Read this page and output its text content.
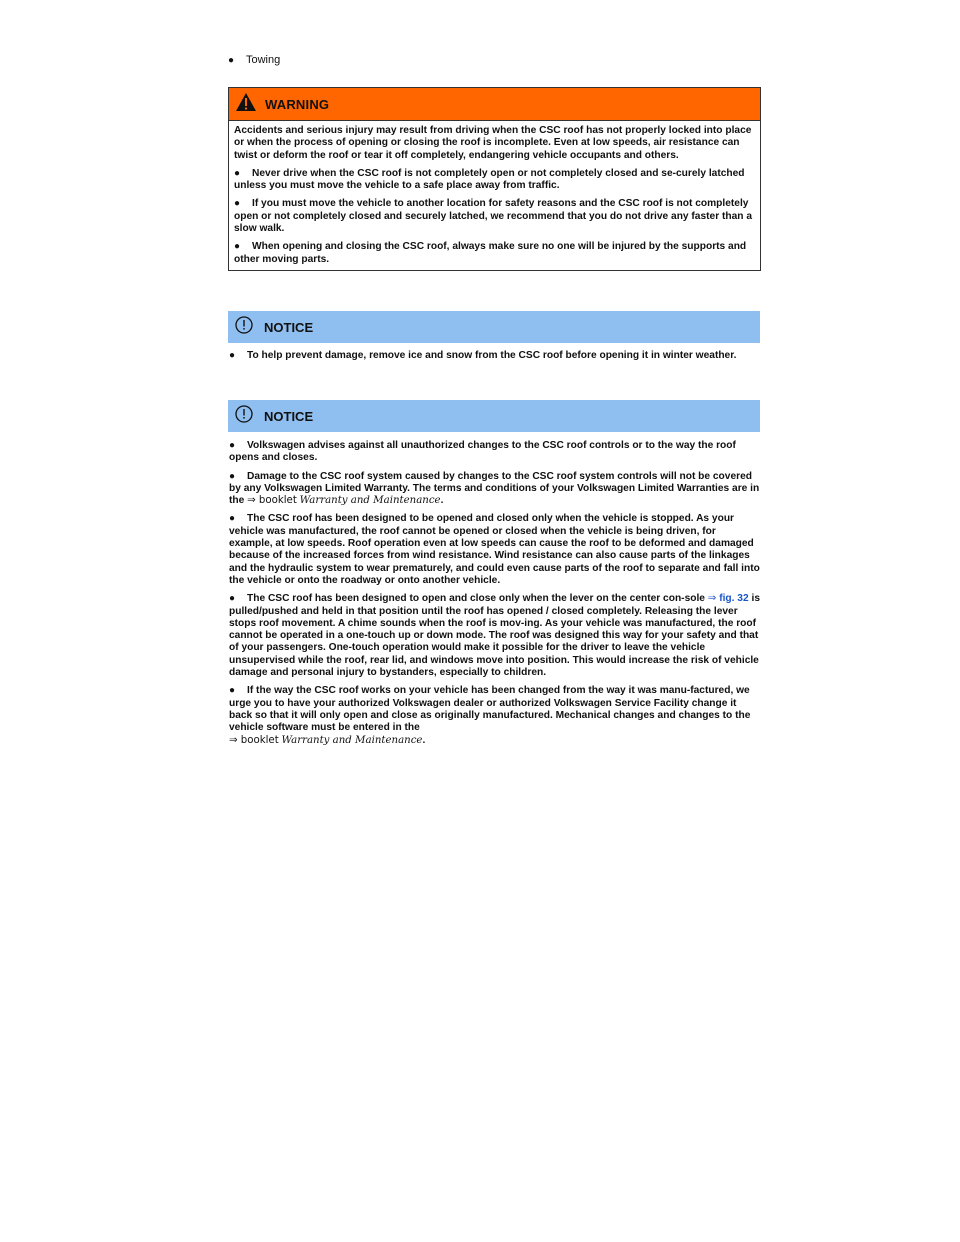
●	Towing
WARNING

Accidents and serious injury may result from driving when the CSC roof has not properly locked into place or when the process of opening or closing the roof is incomplete. Even at low speeds, air resistance can twist or deform the roof or tear it off completely, endangering vehicle occupants and others.

● Never drive when the CSC roof is not completely open or not completely closed and se-curely latched unless you must move the vehicle to a safe place away from traffic.

● If you must move the vehicle to another location for safety reasons and the CSC roof is not completely open or not completely closed and securely latched, we recommend that you do not drive any faster than a slow walk.

● When opening and closing the CSC roof, always make sure no one will be injured by the supports and other moving parts.

NOTICE

● To help prevent damage, remove ice and snow from the CSC roof before opening it in winter weather.

NOTICE

● Volkswagen advises against all unauthorized changes to the CSC roof controls or to the way the roof opens and closes.

● Damage to the CSC roof system caused by changes to the CSC roof system controls will not be covered by any Volkswagen Limited Warranty. The terms and conditions of your Volkswagen Limited Warranties are in the ⇒ booklet Warranty and Maintenance.

● The CSC roof has been designed to be opened and closed only when the vehicle is stopped. As your vehicle was manufactured, the roof cannot be opened or closed when the vehicle is being driven, for example, at low speeds. Roof operation even at low speeds can cause the roof to be deformed and damaged because of the increased forces from wind resistance. Wind resistance can also cause parts of the linkages and the hydraulic system to wear prematurely, and could even cause parts of the roof to separate and fall into the vehicle or onto the roadway or onto another vehicle.

● The CSC roof has been designed to open and close only when the lever on the center con-sole ⇒ fig. 32 is pulled/pushed and held in that position until the roof has opened / closed completely. Releasing the lever stops roof movement. A chime sounds when the roof is mov-ing. As your vehicle was manufactured, the roof cannot be operated in a one-touch up or down mode. The roof was designed this way for your safety and that of your passengers. One-touch operation would make it possible for the driver to leave the vehicle unsupervised while the roof, rear lid, and windows move into position. This would increase the risk of vehicle damage and personal injury to bystanders, especially to children.

● If the way the CSC roof works on your vehicle has been changed from the way it was manu-factured, we urge you to have your authorized Volkswagen dealer or authorized Volkswagen Service Facility change it back so that it will only open and close as originally manufactured. Mechanical changes and changes to the vehicle software must be entered in the
⇒ booklet Warranty and Maintenance.
